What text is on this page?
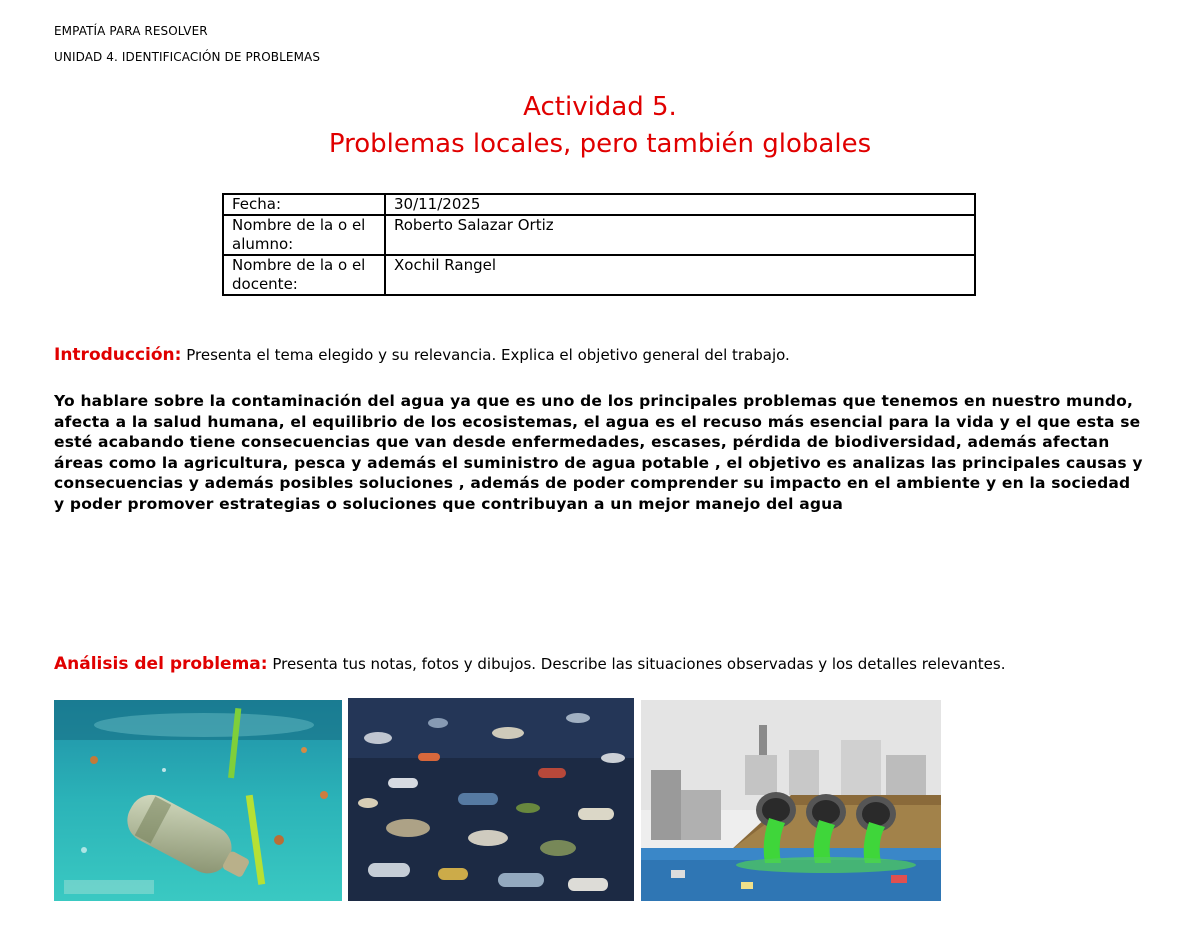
EMPATÍA PARA RESOLVER
UNIDAD 4. IDENTIFICACIÓN DE PROBLEMAS
Actividad 5.
Problemas locales, pero también globales
Fecha:	30/11/2025
Nombre de la o el alumno:	Roberto Salazar Ortiz
Nombre de la o el docente:	Xochil Rangel
Introducción: Presenta el tema elegido y su relevancia. Explica el objetivo general del trabajo.
Yo hablare sobre la contaminación del agua ya que es uno de los principales problemas que tenemos en nuestro mundo, afecta a la salud humana, el equilibrio de los ecosistemas, el agua es el recuso más esencial para la vida y el que esta se esté acabando tiene consecuencias que van desde enfermedades, escases, pérdida de biodiversidad, además afectan áreas como la agricultura, pesca y además el suministro de agua potable , el objetivo es analizas las principales causas y consecuencias y además posibles soluciones , además de poder comprender su impacto en el ambiente y en la sociedad y poder promover estrategias o soluciones que contribuyan a un mejor manejo del agua
Análisis del problema: Presenta tus notas, fotos y dibujos. Describe las situaciones observadas y los detalles relevantes.
